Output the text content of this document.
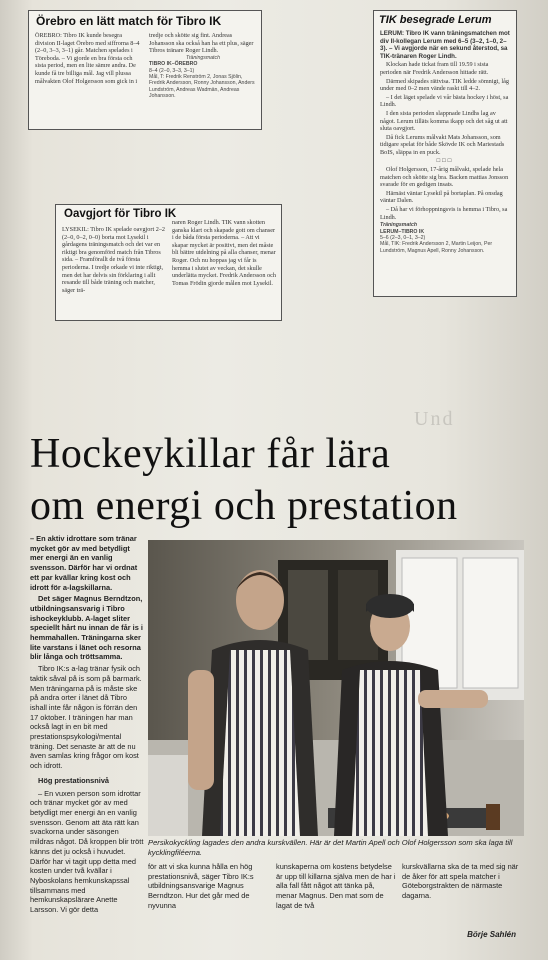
Örebro en lätt match för Tibro IK
ÖREBRO: Tibro IK kunde besegra division II-laget Örebro med siffrorna 8–4 (2–0, 3–3, 3–1) går. Matchen spelades i Töreboda. – Vi gjorde en bra första och sista period, men en lite sämre andra. De kunde få tre billiga mål. Jag vill plussa målvakten Olof Holgersson som gick in i
tredje och skötte sig fint. Andreas Johansson ska också han ha ett plus, säger Tibros tränare Roger Lindh.
Träningsmatch
TIBRO IK–ÖREBRO
8–4 (2–0, 3–3, 3–1)
Mål, T: Fredrik Renström 2, Jonas Sjölin, Fredrik Andersson, Ronny Johansson, Anders Lundström, Andreas Wadmän, Andreas Johansson.
TIK besegrade Lerum

LERUM: Tibro IK vann träningsmatchen mot div II-kollegan Lerum med 6–5 (3–2, 1–0, 2–3). – Vi avgjorde när en sekund återstod, sa TIK-tränaren Roger Lindh.

Klockan hade tickat fram till 19.59 i sista perioden när Fredrik Andersson hittade rätt.

Därmed skipades rättvisa. TIK ledde sömnigt, låg under med 0–2 men vände raskt till 4–2.

– I det läget spelade vi vår bästa hockey i höst, sa Lindh.

I den sista perioden slappnade Lindhs lag av något. Lerum tilläts komma ikapp och det såg ut att sluta oavgjort.

Då fick Lerums målvakt Mats Johansson, som tidigare spelat för både Skövde IK och Mariestads BoIS, släppa in en puck.

□□□

Olof Holgersson, 17-årig målvakt, spelade hela matchen och skötte sig bra. Backen mattias Jonsson svarade för en gedigen insats.

Härnäst väntar Lysekil på bortaplan. På onsdag väntar Dalen.

– Då har vi förhoppningsvis is hemma i Tibro, sa Lindh.

Träningsmatch
LERUM–TIBRO IK
5–6 (2–3, 0–1, 3–2)
Mål, TIK: Fredrik Andersson 2, Martin Leijon, Per Lundström, Magnus Apell, Ronny Johansson.
Oavgjort för Tibro IK
LYSEKIL: Tibro IK spelade oavgjort 2–2 (2–0, 0–2, 0–0) borta mot Lysekil i gårdagens träningsmatch och det var en riktigt bra genomförd match från Tibros sida. – Framförallt de två första perioderna. I tredje orkade vi inte riktigt, men det har delvis sin förklaring i allt resande till både träning och matcher, säger trä-
naren Roger Lindh. TIK vann skotten ganska klart och skapade gott om chanser i de båda första perioderna. – Att vi skapar mycket är positivt, men det måste bli bättre utdelning på alla chanser, menar Roger. Och nu hoppas jag vi får is hemma i slutet av veckan, det skulle underlätta mycket. Fredrik Andersson och Tomas Frödin gjorde målen mot Lysekil.
Und
Hockeykillar får lära
om energi och prestation

– En aktiv idrottare som tränar mycket gör av med betydligt mer energi än en vanlig svensson. Därför har vi ordnat ett par kvällar kring kost och idrott för a-lagskillarna.

Det säger Magnus Berndtzon, utbildningsansvarig i Tibro ishockeyklubb. A-laget sliter speciellt hårt nu innan de får is i hemmahallen. Träningarna sker lite varstans i länet och resorna blir långa och tröttsamma.

Tibro IK:s a-lag tränar fysik och taktik såval på is som på barmark. Men träningarna på is måste ske på andra orter i länet då Tibro ishall inte får någon is förrän den 17 oktober. I träningen har man också lagt in en bit med prestationspsykologi/mental träning. Det senaste är att de nu även samlas kring frågor om kost och idrott.

Hög prestationsnivå

– En vuxen person som idrottar och tränar mycket gör av med betydligt mer energi än en vanlig svensson. Genom att äta rätt kan svackorna under säsongen mildras något. Då kroppen blir trött känns det ju också i huvudet. Därför har vi tagit upp detta med kosten under två kvällar i Nyboskolans hemkunskapssal tillsammans med hemkunskapslärare Anette Larsson. Vi gör detta

Persikokyckling lagades den andra kurskvällen. Här är det Martin Apell och Olof Holgersson som ska laga till kycklingfiléerna.
för att vi ska kunna hålla en hög prestationsnivå, säger Tibro IK:s utbildningsansvarige Magnus Berndtzon. Hur det går med de nyvunna
kunskaperna om kostens betydelse är upp till killarna själva men de har i alla fall fått något att tänka på, menar Magnus. Den mat som de lagat de två
kurskvällarna ska de ta med sig när de åker för att spela matcher i Göteborgstrakten de närmaste dagarna.
Börje Sahlén
